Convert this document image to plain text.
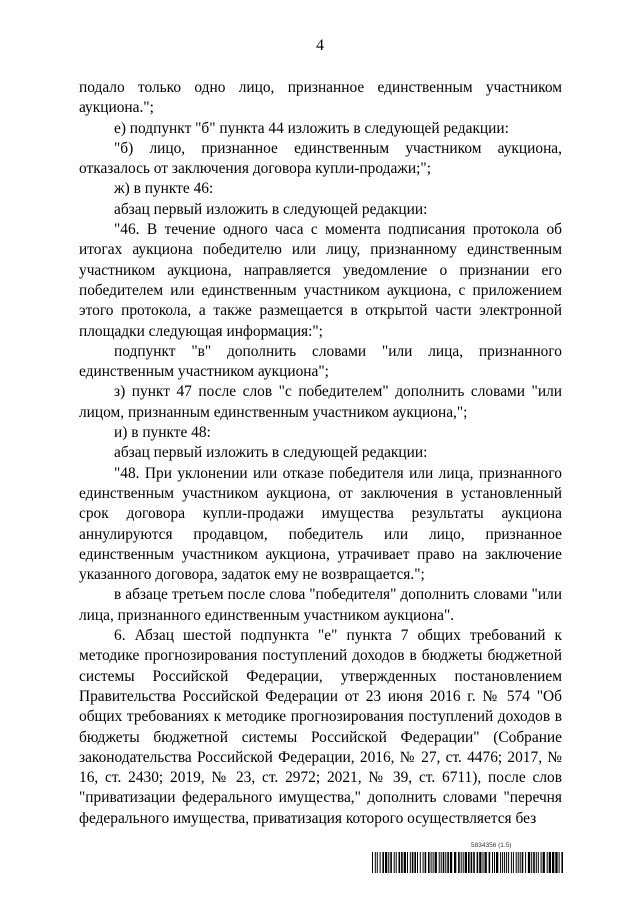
4

подало только одно лицо, признанное единственным участником аукциона.";

е) подпункт "б" пункта 44 изложить в следующей редакции:

"б) лицо, признанное единственным участником аукциона, отказалось от заключения договора купли-продажи;";

ж) в пункте 46:

абзац первый изложить в следующей редакции:

"46. В течение одного часа с момента подписания протокола об итогах аукциона победителю или лицу, признанному единственным участником аукциона, направляется уведомление о признании его победителем или единственным участником аукциона, с приложением этого протокола, а также размещается в открытой части электронной площадки следующая информация:";

подпункт "в" дополнить словами "или лица, признанного единственным участником аукциона";

з) пункт 47 после слов "с победителем" дополнить словами "или лицом, признанным единственным участником аукциона,";

и) в пункте 48:

абзац первый изложить в следующей редакции:

"48. При уклонении или отказе победителя или лица, признанного единственным участником аукциона, от заключения в установленный срок договора купли-продажи имущества результаты аукциона аннулируются продавцом, победитель или лицо, признанное единственным участником аукциона, утрачивает право на заключение указанного договора, задаток ему не возвращается.";

в абзаце третьем после слова "победителя" дополнить словами "или лица, признанного единственным участником аукциона".

6. Абзац шестой подпункта "е" пункта 7 общих требований к методике прогнозирования поступлений доходов в бюджеты бюджетной системы Российской Федерации, утвержденных постановлением Правительства Российской Федерации от 23 июня 2016 г. № 574 "Об общих требованиях к методике прогнозирования поступлений доходов в бюджеты бюджетной системы Российской Федерации" (Собрание законодательства Российской Федерации, 2016, № 27, ст. 4476; 2017, № 16, ст. 2430; 2019, № 23, ст. 2972; 2021, № 39, ст. 6711), после слов "приватизации федерального имущества," дополнить словами "перечня федерального имущества, приватизация которого осуществляется без

5834356 (1.5)
